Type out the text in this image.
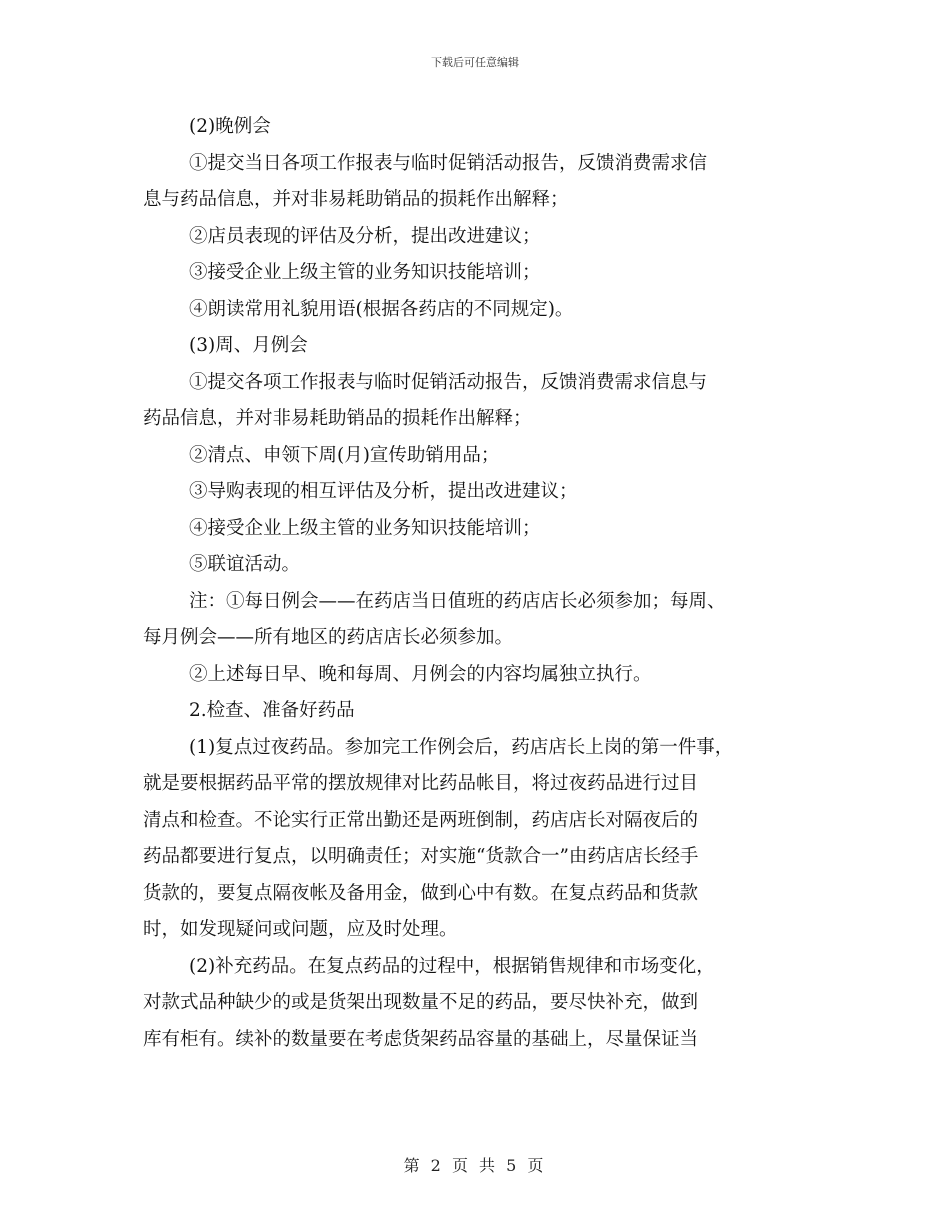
下载后可任意编辑
(2)晚例会
①提交当日各项工作报表与临时促销活动报告，反馈消费需求信
息与药品信息，并对非易耗助销品的损耗作出解释；
②店员表现的评估及分析，提出改进建议；
③接受企业上级主管的业务知识技能培训；
④朗读常用礼貌用语(根据各药店的不同规定)。
(3)周、月例会
①提交各项工作报表与临时促销活动报告，反馈消费需求信息与
药品信息，并对非易耗助销品的损耗作出解释；
②清点、申领下周(月)宣传助销用品；
③导购表现的相互评估及分析，提出改进建议；
④接受企业上级主管的业务知识技能培训；
⑤联谊活动。
注：①每日例会——在药店当日值班的药店店长必须参加；每周、
每月例会——所有地区的药店店长必须参加。
②上述每日早、晚和每周、月例会的内容均属独立执行。
2.检查、准备好药品
(1)复点过夜药品。参加完工作例会后，药店店长上岗的第一件事，
就是要根据药品平常的摆放规律对比药品帐目，将过夜药品进行过目
清点和检查。不论实行正常出勤还是两班倒制，药店店长对隔夜后的
药品都要进行复点，以明确责任；对实施“货款合一”由药店店长经手
货款的，要复点隔夜帐及备用金，做到心中有数。在复点药品和货款
时，如发现疑问或问题，应及时处理。
(2)补充药品。在复点药品的过程中，根据销售规律和市场变化，
对款式品种缺少的或是货架出现数量不足的药品，要尽快补充，做到
库有柜有。续补的数量要在考虑货架药品容量的基础上，尽量保证当
第 2 页 共 5 页
